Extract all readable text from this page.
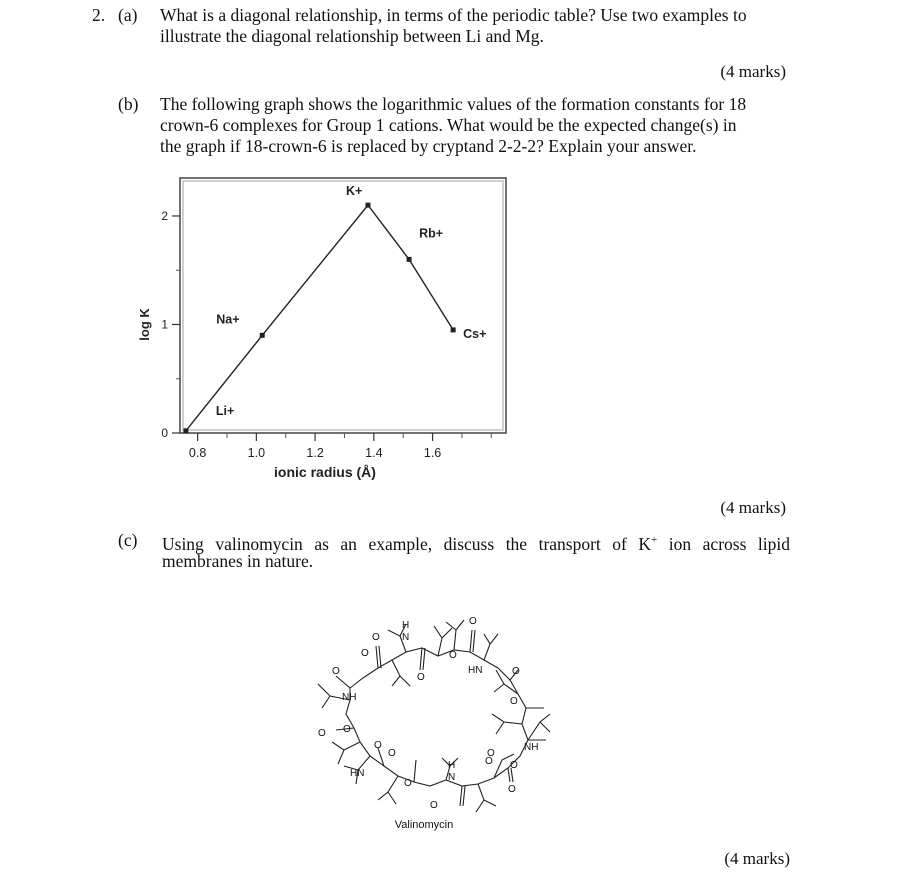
2. (a) What is a diagonal relationship, in terms of the periodic table? Use two examples to
illustrate the diagonal relationship between Li and Mg.
(4 marks)
(b) The following graph shows the logarithmic values of the formation constants for 18
crown-6 complexes for Group 1 cations. What would be the expected change(s) in
the graph if 18-crown-6 is replaced by cryptand 2-2-2? Explain your answer.
0
1
2
0.8	1.0	1.2	1.4	1.6
Li+
Na+
K+
Rb+
Cs+
ionic radius (Å)
log K
(4 marks)
(c) Using valinomycin as an example, discuss the transport of K+ ion across lipid
membranes in nature.
O
O
O
O
O
O
O O
O
O
O
O
O
O
O
O
O
O
NH
NH
HN
HN
H
N
H
N
Valinomycin
(4 marks)
